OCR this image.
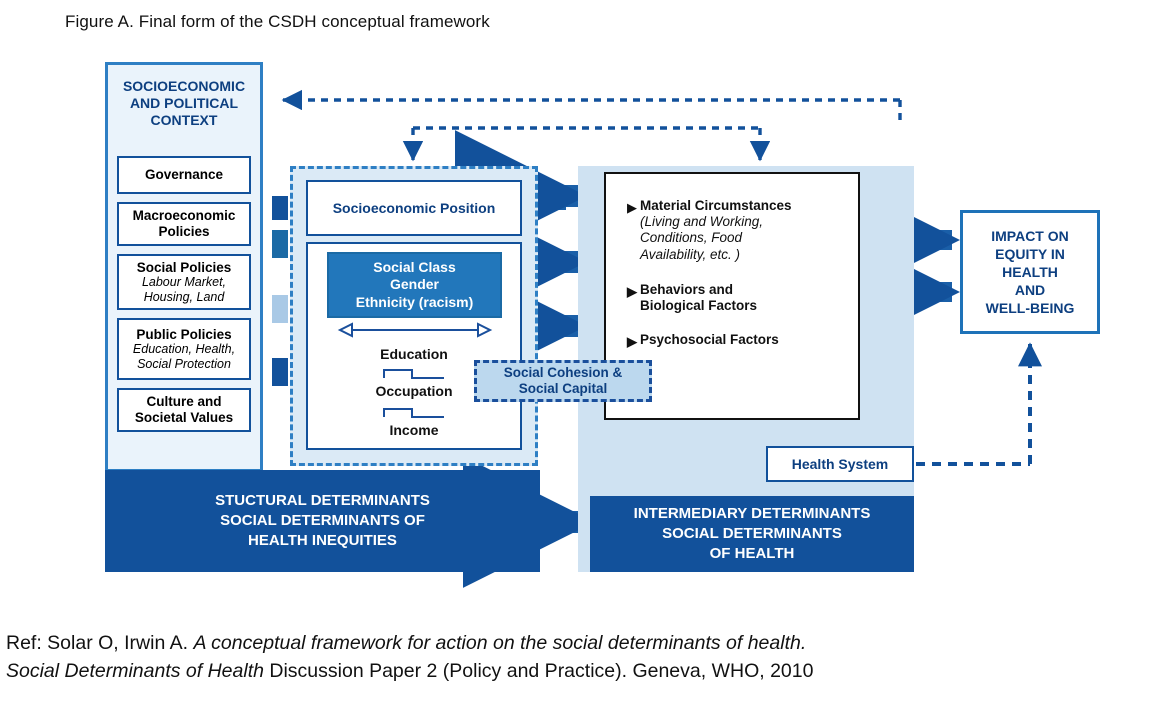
Figure A. Final form of the CSDH conceptual framework
SOCIOECONOMIC AND POLITICAL CONTEXT
Governance
Macroeconomic Policies
Social Policies
Labour Market, Housing, Land
Public Policies
Education, Health, Social Protection
Culture and Societal Values
Socioeconomic Position
Social Class
Gender
Ethnicity (racism)
Education
Occupation
Income
▶ Material Circumstances
(Living and Working,
Conditions, Food
Availability, etc. )
▶ Behaviors and
Biological Factors
▶ Psychosocial Factors
Health System
Social Cohesion &
Social Capital
STUCTURAL DETERMINANTS
SOCIAL DETERMINANTS OF
HEALTH INEQUITIES
INTERMEDIARY DETERMINANTS
SOCIAL DETERMINANTS
OF HEALTH
IMPACT ON
EQUITY IN
HEALTH
AND
WELL-BEING
Ref: Solar O, Irwin A. A conceptual framework for action on the social determinants of health.
Social Determinants of Health Discussion Paper 2 (Policy and Practice). Geneva, WHO, 2010
